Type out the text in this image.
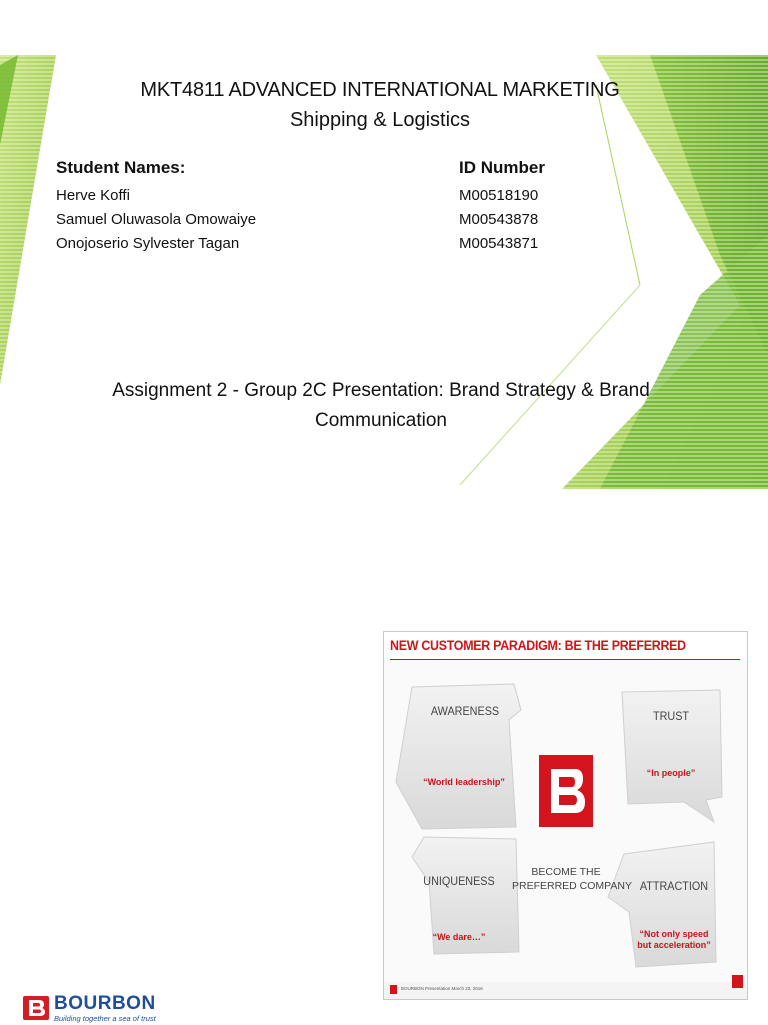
MKT4811 ADVANCED INTERNATIONAL MARKETING
Shipping & Logistics
Student Names:	ID Number
Herve Koffi
Samuel Oluwasola Omowaiye
Onojoserio Sylvester Tagan
M00518190
M00543878
M00543871
Assignment 2 - Group 2C Presentation: Brand Strategy & Brand
Communication
NEW CUSTOMER PARADIGM: BE THE PREFERRED
AWARENESS
“World leadership”
TRUST
“In people”
UNIQUENESS
“We dare…”
ATTRACTION
“Not only speed
but acceleration”
BECOME THE
PREFERRED COMPANY
BOURBON Presentation March 22, 2016
BOURBON
Building together a sea of trust
